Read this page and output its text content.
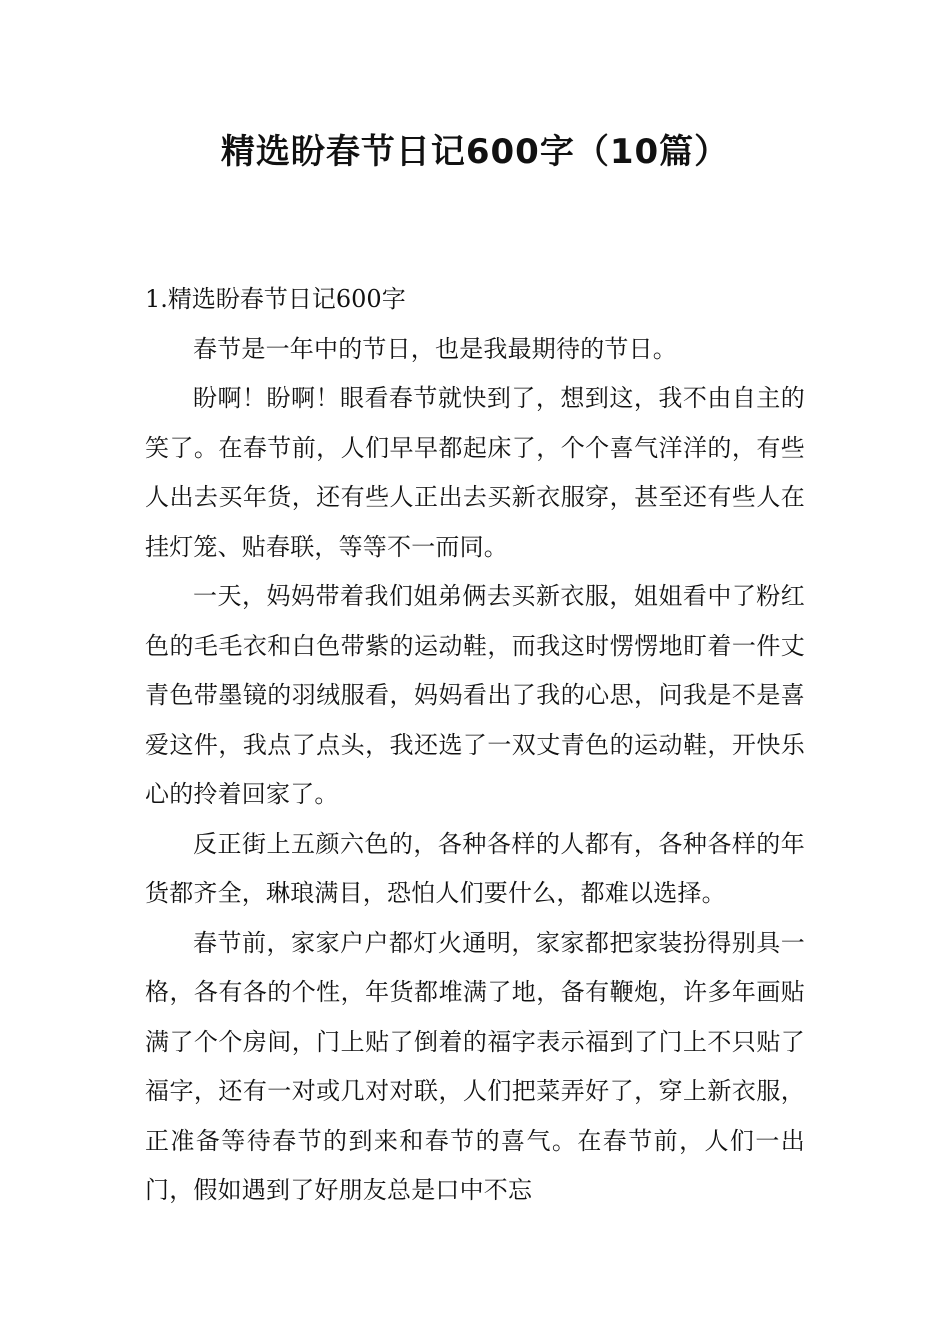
精选盼春节日记600字（10篇）
1.精选盼春节日记600字

春节是一年中的节日，也是我最期待的节日。

盼啊！盼啊！眼看春节就快到了，想到这，我不由自主的笑了。在春节前，人们早早都起床了，个个喜气洋洋的，有些人出去买年货，还有些人正出去买新衣服穿，甚至还有些人在挂灯笼、贴春联，等等不一而同。

一天，妈妈带着我们姐弟俩去买新衣服，姐姐看中了粉红色的毛毛衣和白色带紫的运动鞋，而我这时愣愣地盯着一件丈青色带墨镜的羽绒服看，妈妈看出了我的心思，问我是不是喜爱这件，我点了点头，我还选了一双丈青色的运动鞋，开快乐心的拎着回家了。

反正街上五颜六色的，各种各样的人都有，各种各样的年货都齐全，琳琅满目，恐怕人们要什么，都难以选择。

春节前，家家户户都灯火通明，家家都把家装扮得别具一格，各有各的个性，年货都堆满了地，备有鞭炮，许多年画贴满了个个房间，门上贴了倒着的福字表示福到了门上不只贴了福字，还有一对或几对对联，人们把菜弄好了，穿上新衣服，正准备等待春节的到来和春节的喜气。在春节前，人们一出门，假如遇到了好朋友总是口中不忘
